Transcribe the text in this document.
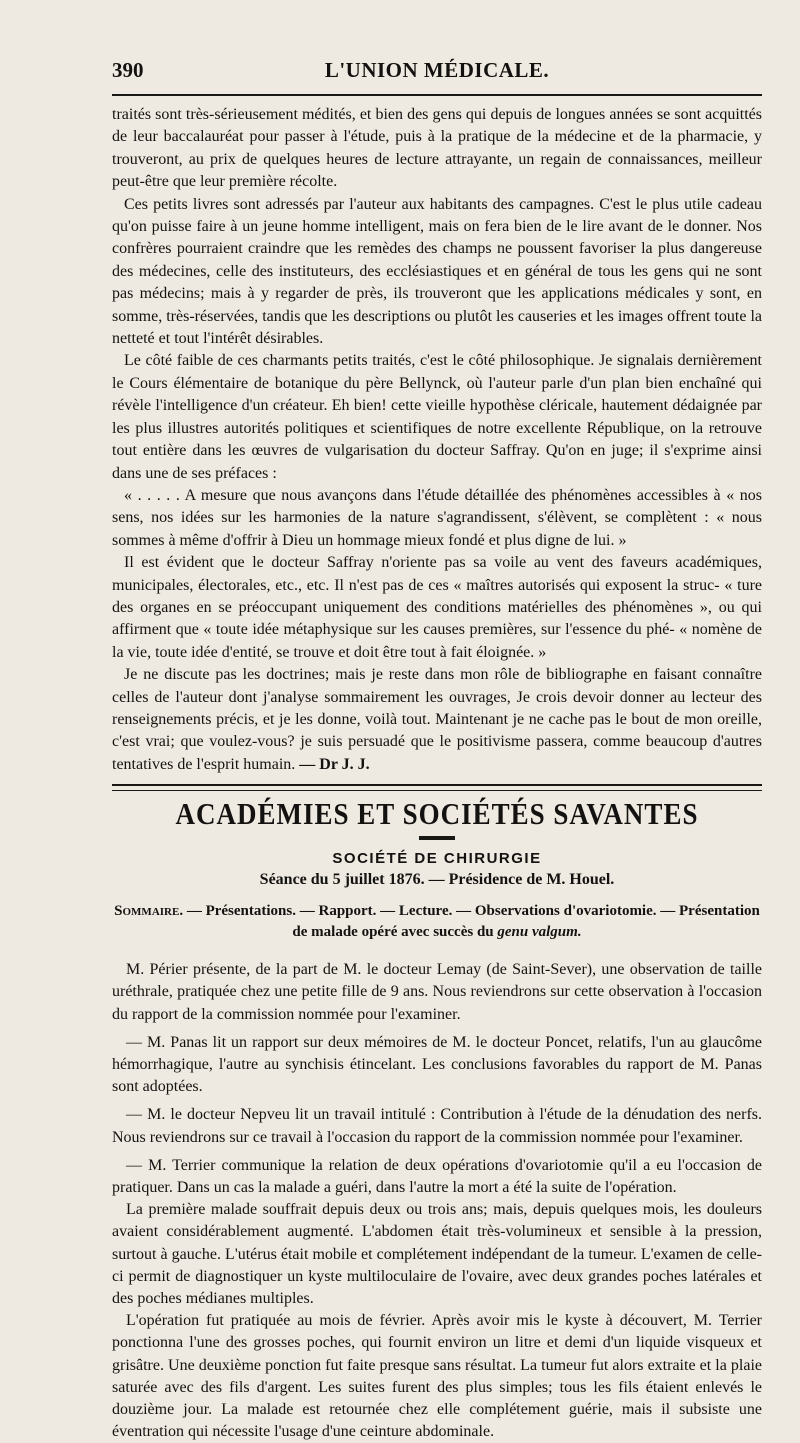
390	L'UNION MÉDICALE.

traités sont très-sérieusement médités, et bien des gens qui depuis de longues années se sont acquittés de leur baccalauréat pour passer à l'étude, puis à la pratique de la médecine et de la pharmacie, y trouveront, au prix de quelques heures de lecture attrayante, un regain de connaissances, meilleur peut-être que leur première récolte.

Ces petits livres sont adressés par l'auteur aux habitants des campagnes. C'est le plus utile cadeau qu'on puisse faire à un jeune homme intelligent, mais on fera bien de le lire avant de le donner. Nos confrères pourraient craindre que les remèdes des champs ne poussent favoriser la plus dangereuse des médecines, celle des instituteurs, des ecclésiastiques et en général de tous les gens qui ne sont pas médecins; mais à y regarder de près, ils trouveront que les applications médicales y sont, en somme, très-réservées, tandis que les descriptions ou plutôt les causeries et les images offrent toute la netteté et tout l'intérêt désirables.

Le côté faible de ces charmants petits traités, c'est le côté philosophique. Je signalais dernièrement le Cours élémentaire de botanique du père Bellynck, où l'auteur parle d'un plan bien enchaîné qui révèle l'intelligence d'un créateur. Eh bien! cette vieille hypothèse cléricale, hautement dédaignée par les plus illustres autorités politiques et scientifiques de notre excellente République, on la retrouve tout entière dans les œuvres de vulgarisation du docteur Saffray. Qu'on en juge; il s'exprime ainsi dans une de ses préfaces :

« . . . . . A mesure que nous avançons dans l'étude détaillée des phénomènes accessibles à « nos sens, nos idées sur les harmonies de la nature s'agrandissent, s'élèvent, se complètent : « nous sommes à même d'offrir à Dieu un hommage mieux fondé et plus digne de lui. »

Il est évident que le docteur Saffray n'oriente pas sa voile au vent des faveurs académiques, municipales, électorales, etc., etc. Il n'est pas de ces « maîtres autorisés qui exposent la struc- « ture des organes en se préoccupant uniquement des conditions matérielles des phénomènes », ou qui affirment que « toute idée métaphysique sur les causes premières, sur l'essence du phé- « nomène de la vie, toute idée d'entité, se trouve et doit être tout à fait éloignée. »

Je ne discute pas les doctrines; mais je reste dans mon rôle de bibliographe en faisant connaître celles de l'auteur dont j'analyse sommairement les ouvrages, Je crois devoir donner au lecteur des renseignements précis, et je les donne, voilà tout. Maintenant je ne cache pas le bout de mon oreille, c'est vrai; que voulez-vous? je suis persuadé que le positivisme passera, comme beaucoup d'autres tentatives de l'esprit humain. — Dr J. J.

ACADÉMIES ET SOCIÉTÉS SAVANTES
SOCIÉTÉ DE CHIRURGIE
Séance du 5 juillet 1876. — Présidence de M. Houel.
Sommaire. — Présentations. — Rapport. — Lecture. — Observations d'ovariotomie. — Présentation de malade opéré avec succès du genu valgum.

M. Périer présente, de la part de M. le docteur Lemay (de Saint-Sever), une observation de taille uréthrale, pratiquée chez une petite fille de 9 ans. Nous reviendrons sur cette observation à l'occasion du rapport de la commission nommée pour l'examiner.

— M. Panas lit un rapport sur deux mémoires de M. le docteur Poncet, relatifs, l'un au glaucôme hémorrhagique, l'autre au synchisis étincelant. Les conclusions favorables du rapport de M. Panas sont adoptées.

— M. le docteur Nepveu lit un travail intitulé : Contribution à l'étude de la dénudation des nerfs. Nous reviendrons sur ce travail à l'occasion du rapport de la commission nommée pour l'examiner.

— M. Terrier communique la relation de deux opérations d'ovariotomie qu'il a eu l'occasion de pratiquer. Dans un cas la malade a guéri, dans l'autre la mort a été la suite de l'opération.

La première malade souffrait depuis deux ou trois ans; mais, depuis quelques mois, les douleurs avaient considérablement augmenté. L'abdomen était très-volumineux et sensible à la pression, surtout à gauche. L'utérus était mobile et complétement indépendant de la tumeur. L'examen de celle-ci permit de diagnostiquer un kyste multiloculaire de l'ovaire, avec deux grandes poches latérales et des poches médianes multiples.

L'opération fut pratiquée au mois de février. Après avoir mis le kyste à découvert, M. Terrier ponctionna l'une des grosses poches, qui fournit environ un litre et demi d'un liquide visqueux et grisâtre. Une deuxième ponction fut faite presque sans résultat. La tumeur fut alors extraite et la plaie saturée avec des fils d'argent. Les suites furent des plus simples; tous les fils étaient enlevés le douzième jour. La malade est retournée chez elle complétement guérie, mais il subsiste une éventration qui nécessite l'usage d'une ceinture abdominale.
